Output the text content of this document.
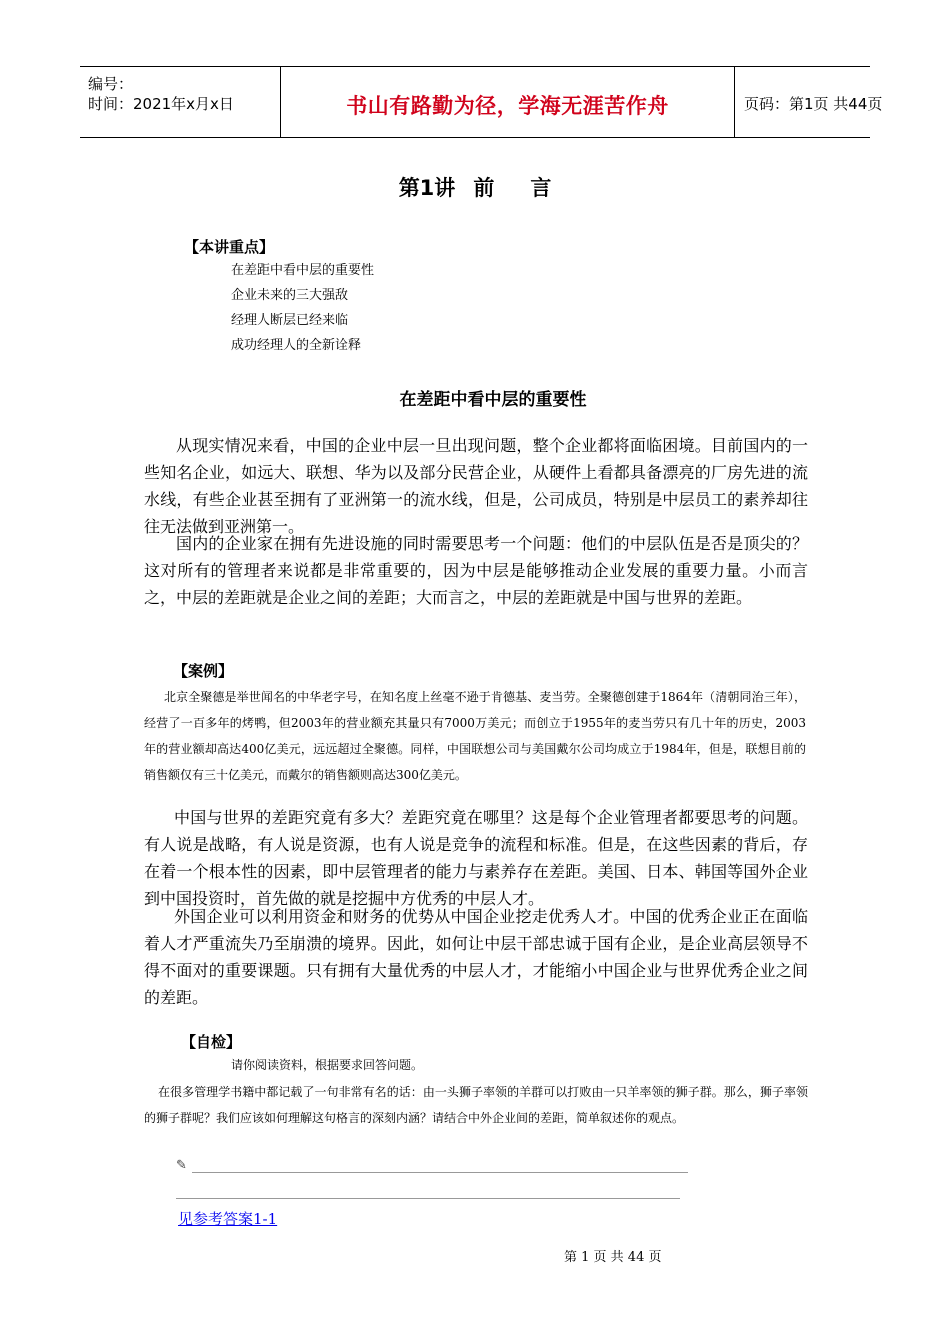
编号：
时间：2021年x月x日	书山有路勤为径，学海无涯苦作舟	页码：第1页 共44页
第1讲 前 言
【本讲重点】
在差距中看中层的重要性
企业未来的三大强敌
经理人断层已经来临
成功经理人的全新诠释
在差距中看中层的重要性

从现实情况来看，中国的企业中层一旦出现问题，整个企业都将面临困境。目前国内的一些知名企业，如远大、联想、华为以及部分民营企业，从硬件上看都具备漂亮的厂房先进的流水线，有些企业甚至拥有了亚洲第一的流水线，但是，公司成员，特别是中层员工的素养却往往无法做到亚洲第一。

国内的企业家在拥有先进设施的同时需要思考一个问题：他们的中层队伍是否是顶尖的？这对所有的管理者来说都是非常重要的，因为中层是能够推动企业发展的重要力量。小而言之，中层的差距就是企业之间的差距；大而言之，中层的差距就是中国与世界的差距。

【案例】

北京全聚德是举世闻名的中华老字号，在知名度上丝毫不逊于肯德基、麦当劳。全聚德创建于1864年（清朝同治三年），经营了一百多年的烤鸭，但2003年的营业额充其量只有7000万美元；而创立于1955年的麦当劳只有几十年的历史，2003年的营业额却高达400亿美元，远远超过全聚德。同样，中国联想公司与美国戴尔公司均成立于1984年，但是，联想目前的销售额仅有三十亿美元，而戴尔的销售额则高达300亿美元。

中国与世界的差距究竟有多大？差距究竟在哪里？这是每个企业管理者都要思考的问题。有人说是战略，有人说是资源，也有人说是竞争的流程和标准。但是，在这些因素的背后，存在着一个根本性的因素，即中层管理者的能力与素养存在差距。美国、日本、韩国等国外企业到中国投资时，首先做的就是挖掘中方优秀的中层人才。

外国企业可以利用资金和财务的优势从中国企业挖走优秀人才。中国的优秀企业正在面临着人才严重流失乃至崩溃的境界。因此，如何让中层干部忠诚于国有企业，是企业高层领导不得不面对的重要课题。只有拥有大量优秀的中层人才，才能缩小中国企业与世界优秀企业之间的差距。

【自检】
请你阅读资料，根据要求回答问题。

在很多管理学书籍中都记载了一句非常有名的话：由一头狮子率领的羊群可以打败由一只羊率领的狮子群。那么，狮子率领的狮子群呢？我们应该如何理解这句格言的深刻内涵？请结合中外企业间的差距，简单叙述你的观点。

✎
见参考答案1-1
第 1 页 共 44 页
